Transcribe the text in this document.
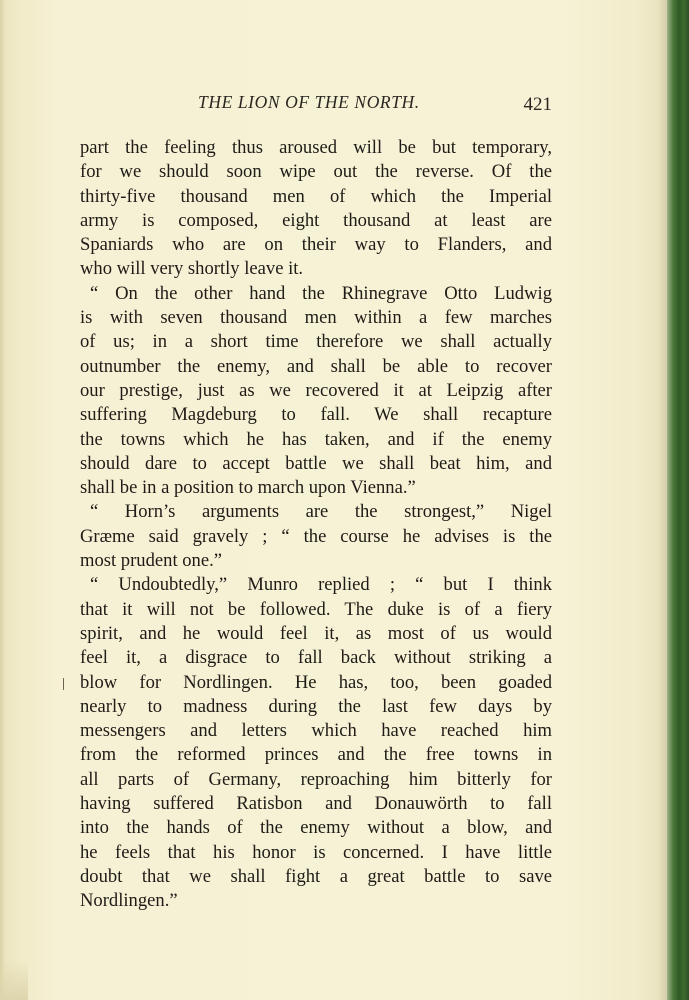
THE LION OF THE NORTH.	421
part the feeling thus aroused will be but temporary,
for we should soon wipe out the reverse. Of the
thirty-five thousand men of which the Imperial
army is composed, eight thousand at least are
Spaniards who are on their way to Flanders, and
who will very shortly leave it.
“ On the other hand the Rhinegrave Otto Ludwig
is with seven thousand men within a few marches
of us; in a short time therefore we shall actually
outnumber the enemy, and shall be able to recover
our prestige, just as we recovered it at Leipzig after
suffering Magdeburg to fall. We shall recapture
the towns which he has taken, and if the enemy
should dare to accept battle we shall beat him, and
shall be in a position to march upon Vienna.”
“ Horn’s arguments are the strongest,” Nigel
Græme said gravely ; “ the course he advises is the
most prudent one.”
“ Undoubtedly,” Munro replied ; “ but I think
that it will not be followed. The duke is of a fiery
spirit, and he would feel it, as most of us would
feel it, a disgrace to fall back without striking a
blow for Nordlingen. He has, too, been goaded
nearly to madness during the last few days by
messengers and letters which have reached him
from the reformed princes and the free towns in
all parts of Germany, reproaching him bitterly for
having suffered Ratisbon and Donauwörth to fall
into the hands of the enemy without a blow, and
he feels that his honor is concerned. I have little
doubt that we shall fight a great battle to save
Nordlingen.”
